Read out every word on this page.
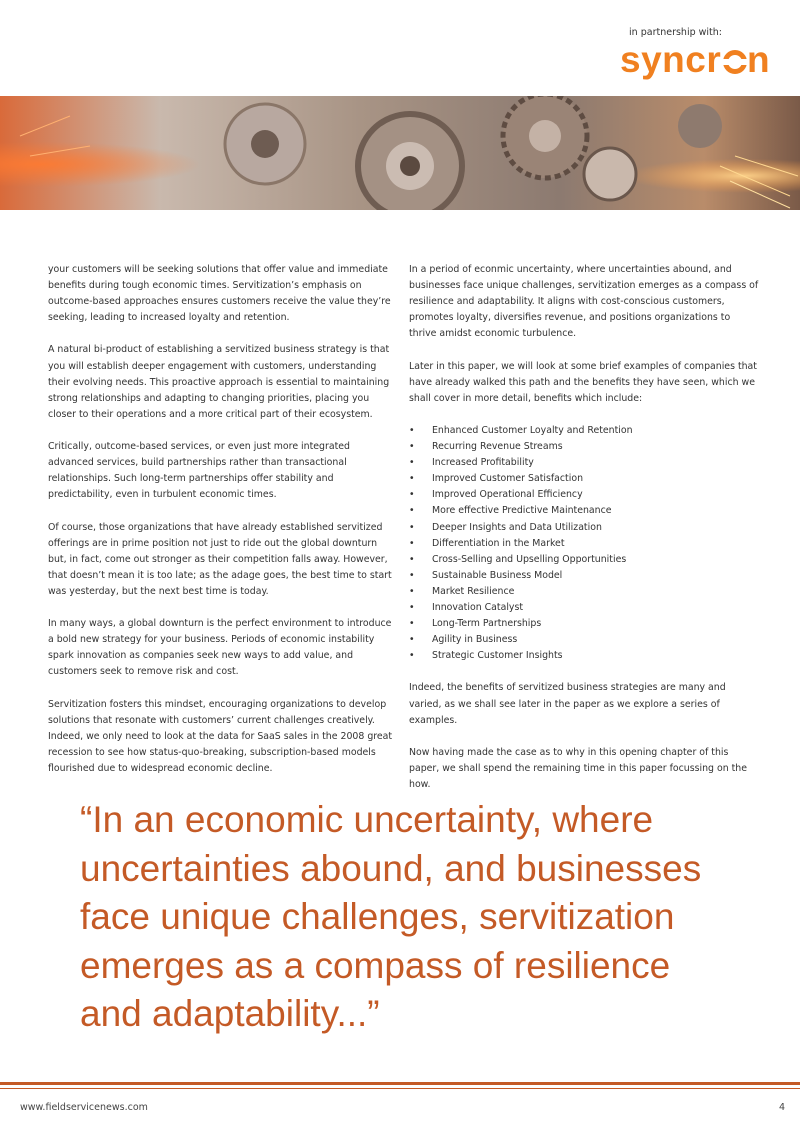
in partnership with:
syncr n

your customers will be seeking solutions that offer value and immediate benefits during tough economic times. Servitization’s emphasis on outcome-based approaches ensures customers receive the value they’re seeking, leading to increased loyalty and retention.

A natural bi-product of establishing a servitized business strategy is that you will establish deeper engagement with customers, understanding their evolving needs. This proactive approach is essential to maintaining strong relationships and adapting to changing priorities, placing you closer to their operations and a more critical part of their ecosystem.

Critically, outcome-based services, or even just more integrated advanced services, build partnerships rather than transactional relationships. Such long-term partnerships offer stability and predictability, even in turbulent economic times.

Of course, those organizations that have already established servitized offerings are in prime position not just to ride out the global downturn but, in fact, come out stronger as their competition falls away. However, that doesn’t mean it is too late; as the adage goes, the best time to start was yesterday, but the next best time is today.

In many ways, a global downturn is the perfect environment to introduce a bold new strategy for your business. Periods of economic instability spark innovation as companies seek new ways to add value, and customers seek to remove risk and cost.

Servitization fosters this mindset, encouraging organizations to develop solutions that resonate with customers’ current challenges creatively. Indeed, we only need to look at the data for SaaS sales in the 2008 great recession to see how status-quo-breaking, subscription-based models flourished due to widespread economic decline.

In a period of econmic uncertainty, where uncertainties abound, and businesses face unique challenges, servitization emerges as a compass of resilience and adaptability. It aligns with cost-conscious customers, promotes loyalty, diversifies revenue, and positions organizations to thrive amidst economic turbulence.

Later in this paper, we will look at some brief examples of companies that have already walked this path and the benefits they have seen, which we shall cover in more detail, benefits which include:

• Enhanced Customer Loyalty and Retention
• Recurring Revenue Streams
• Increased Profitability
• Improved Customer Satisfaction
• Improved Operational Efficiency
• More effective Predictive Maintenance
• Deeper Insights and Data Utilization
• Differentiation in the Market
• Cross-Selling and Upselling Opportunities
• Sustainable Business Model
• Market Resilience
• Innovation Catalyst
• Long-Term Partnerships
• Agility in Business
• Strategic Customer Insights

Indeed, the benefits of servitized business strategies are many and varied, as we shall see later in the paper as we explore a series of examples.

Now having made the case as to why in this opening chapter of this paper, we shall spend the remaining time in this paper focussing on the how.

“In an economic uncertainty, where uncertainties abound, and businesses face unique challenges, servitization emerges as a compass of resilience and adaptability...”
www.fieldservicenews.com	4
